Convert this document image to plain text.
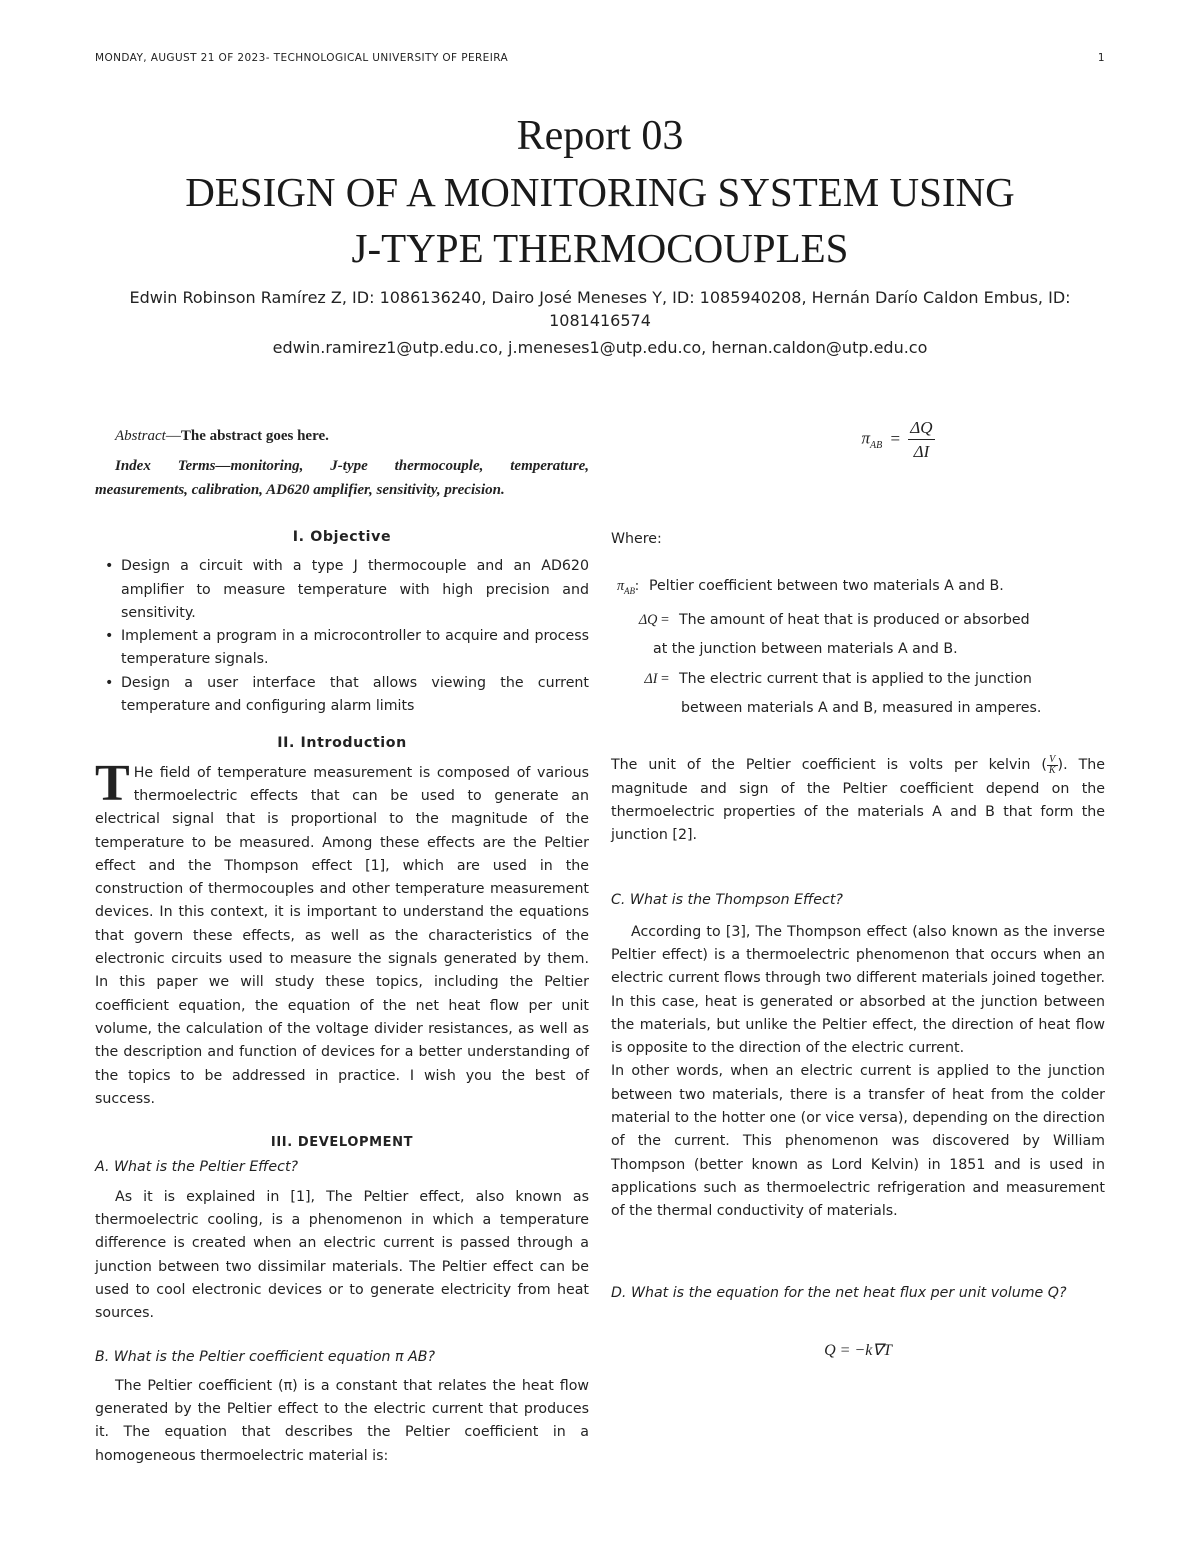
MONDAY, AUGUST 21 OF 2023- TECHNOLOGICAL UNIVERSITY OF PEREIRA	1
Report 03
DESIGN OF A MONITORING SYSTEM USING
J-TYPE THERMOCOUPLES
Edwin Robinson Ramírez Z, ID: 1086136240, Dairo José Meneses Y, ID: 1085940208, Hernán Darío Caldon Embus, ID: 1081416574
edwin.ramirez1@utp.edu.co, j.meneses1@utp.edu.co, hernan.caldon@utp.edu.co

Abstract—The abstract goes here.

Index Terms—monitoring, J-type thermocouple, temperature, measurements, calibration, AD620 amplifier, sensitivity, precision.

I. Objective
• Design a circuit with a type J thermocouple and an AD620 amplifier to measure temperature with high precision and sensitivity.
• Implement a program in a microcontroller to acquire and process temperature signals.
• Design a user interface that allows viewing the current temperature and configuring alarm limits
II. Introduction

T He field of temperature measurement is composed of various thermoelectric effects that can be used to generate an electrical signal that is proportional to the magnitude of the temperature to be measured. Among these effects are the Peltier effect and the Thompson effect [1], which are used in the construction of thermocouples and other temperature measurement devices. In this context, it is important to understand the equations that govern these effects, as well as the characteristics of the electronic circuits used to measure the signals generated by them. In this paper we will study these topics, including the Peltier coefficient equation, the equation of the net heat flow per unit volume, the calculation of the voltage divider resistances, as well as the description and function of devices for a better understanding of the topics to be addressed in practice. I wish you the best of success.

III. DEVELOPMENT

A. What is the Peltier Effect?

As it is explained in [1], The Peltier effect, also known as thermoelectric cooling, is a phenomenon in which a temperature difference is created when an electric current is passed through a junction between two dissimilar materials. The Peltier effect can be used to cool electronic devices or to generate electricity from heat sources.

B. What is the Peltier coefficient equation π AB?

The Peltier coefficient (π) is a constant that relates the heat flow generated by the Peltier effect to the electric current that produces it. The equation that describes the Peltier coefficient in a homogeneous thermoelectric material is:

$\pi_{AB} = \frac{\Delta Q}{\Delta I}$

Where:

$\pi_{AB}$: Peltier coefficient between two materials A and B.
ΔQ = The amount of heat that is produced or absorbed
at the junction between materials A and B.
ΔI = The electric current that is applied to the junction
between materials A and B, measured in amperes.

The unit of the Peltier coefficient is volts per kelvin ( $\frac{V}{K}$ ). The magnitude and sign of the Peltier coefficient depend on the thermoelectric properties of the materials A and B that form the junction [2].

C. What is the Thompson Effect?

According to [3], The Thompson effect (also known as the inverse Peltier effect) is a thermoelectric phenomenon that occurs when an electric current flows through two different materials joined together. In this case, heat is generated or absorbed at the junction between the materials, but unlike the Peltier effect, the direction of heat flow is opposite to the direction of the electric current.

In other words, when an electric current is applied to the junction between two materials, there is a transfer of heat from the colder material to the hotter one (or vice versa), depending on the direction of the current. This phenomenon was discovered by William Thompson (better known as Lord Kelvin) in 1851 and is used in applications such as thermoelectric refrigeration and measurement of the thermal conductivity of materials.

D. What is the equation for the net heat flux per unit volume Q?

Q = −k∇T
